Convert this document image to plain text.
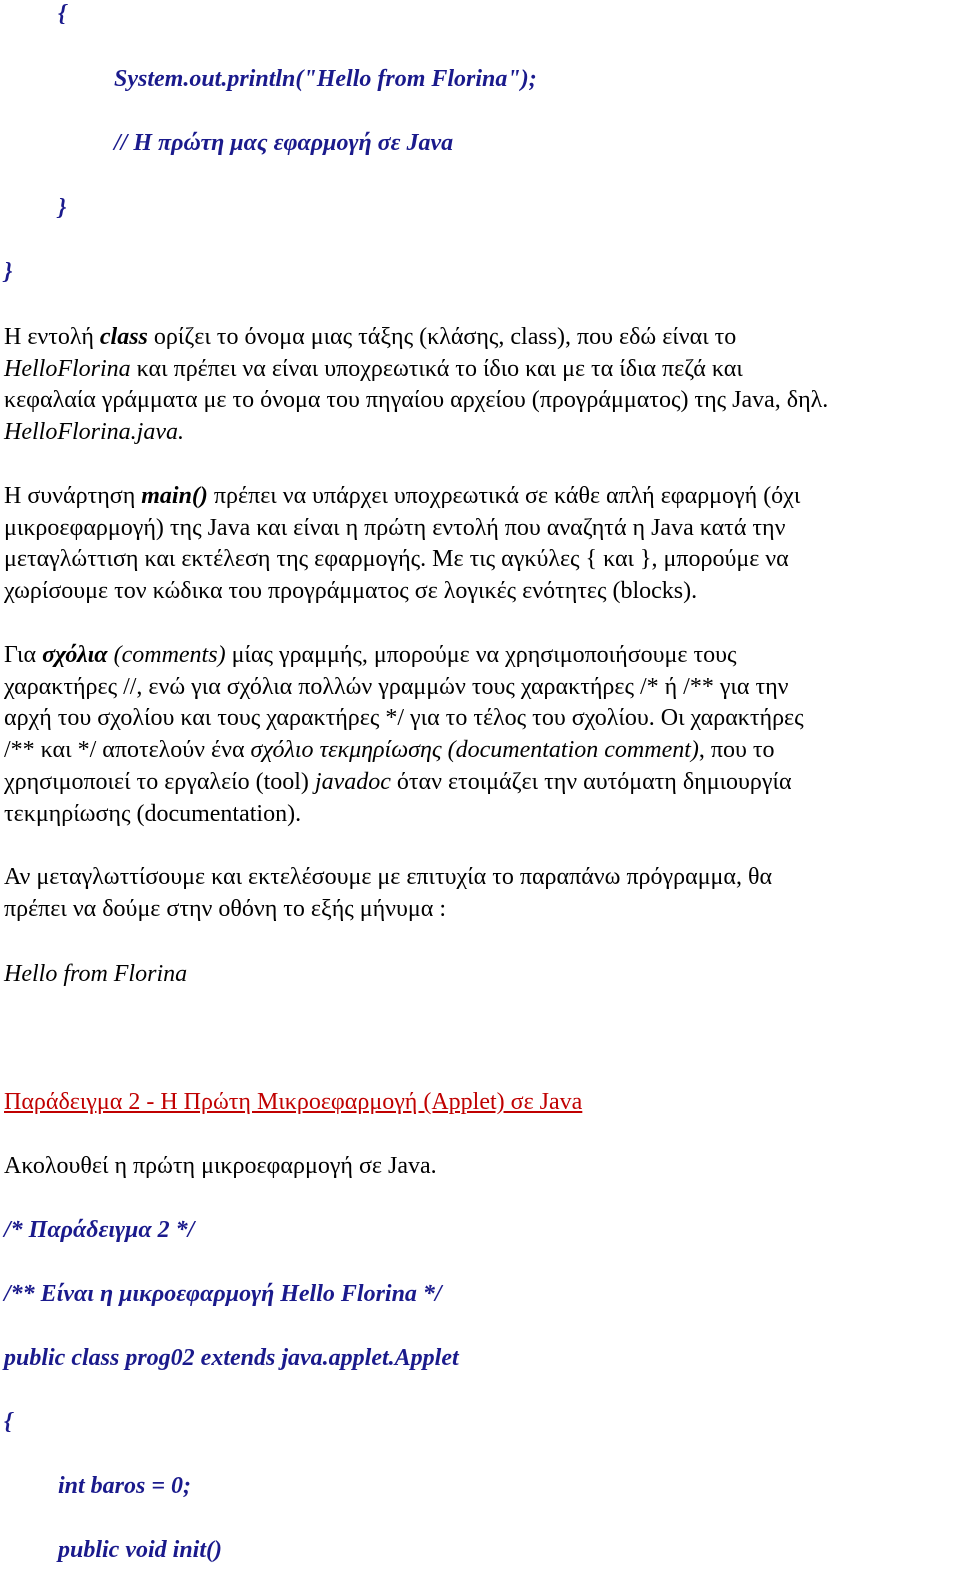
{
System.out.println("Hello from Florina");
// Η πρώτη μας εφαρμογή σε Java
}
}

Η εντολή class ορίζει το όνομα μιας τάξης (κλάσης, class), που εδώ είναι το

HelloFlorina και πρέπει να είναι υποχρεωτικά το ίδιο και με τα ίδια πεζά και

κεφαλαία γράμματα με το όνομα του πηγαίου αρχείου (προγράμματος) της Java, δηλ.

HelloFlorina.java.

Η συνάρτηση main() πρέπει να υπάρχει υποχρεωτικά σε κάθε απλή εφαρμογή (όχι

μικροεφαρμογή) της Java και είναι η πρώτη εντολή που αναζητά η Java κατά την

μεταγλώττιση και εκτέλεση της εφαρμογής. Με τις αγκύλες { και }, μπορούμε να

χωρίσουμε τον κώδικα του προγράμματος σε λογικές ενότητες (blocks).

Για σχόλια (comments) μίας γραμμής, μπορούμε να χρησιμοποιήσουμε τους

χαρακτήρες //, ενώ για σχόλια πολλών γραμμών τους χαρακτήρες /* ή /** για την

αρχή του σχολίου και τους χαρακτήρες */ για το τέλος του σχολίου. Οι χαρακτήρες

/** και */ αποτελούν ένα σχόλιο τεκμηρίωσης (documentation comment), που το

χρησιμοποιεί το εργαλείο (tool) javadoc όταν ετοιμάζει την αυτόματη δημιουργία

τεκμηρίωσης (documentation).

Αν μεταγλωττίσουμε και εκτελέσουμε με επιτυχία το παραπάνω πρόγραμμα, θα

πρέπει να δούμε στην οθόνη το εξής μήνυμα :

Hello from Florina
Παράδειγμα 2 - Η Πρώτη Μικροεφαρμογή (Applet) σε Java
Ακολουθεί η πρώτη μικροεφαρμογή σε Java.
/* Παράδειγμα 2 */
/** Είναι η μικροεφαρμογή Hello Florina */
public class prog02 extends java.applet.Applet
{
int baros = 0;
public void init()
